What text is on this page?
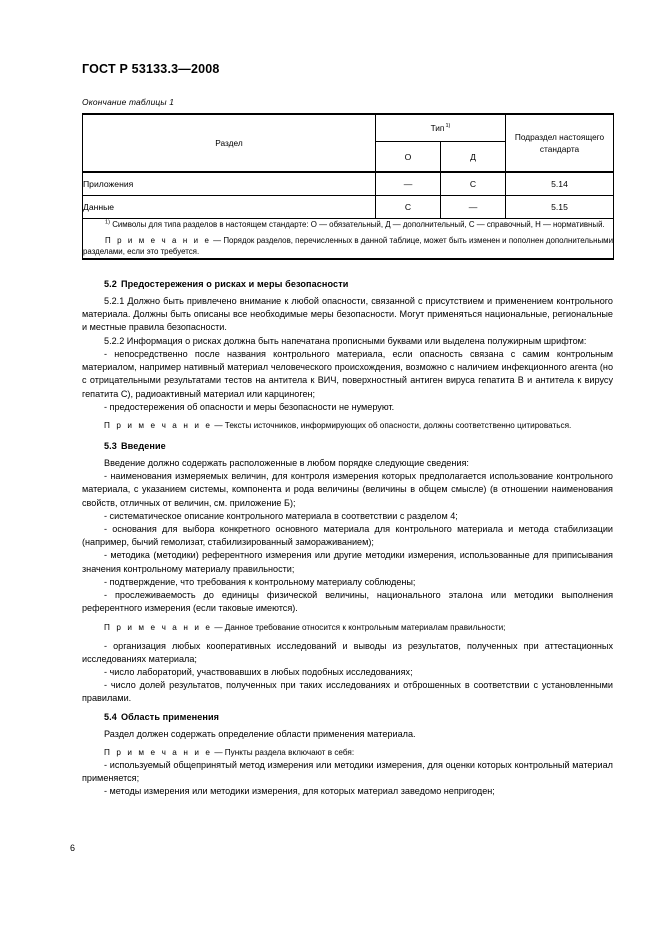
ГОСТ Р 53133.3—2008
Окончание таблицы 1
Раздел	Тип$^{1)}$		Подраздел настоящего стандарта
	О	Д	
Приложения	—	С	5.14
Данные	С	—	5.15

$^{1)}$ Символы для типа разделов в настоящем стандарте: О — обязательный, Д — дополнительный, С — справочный, Н — нормативный.
П р и м е ч а н и е — Порядок разделов, перечисленных в данной таблице, может быть изменен и пополнен дополнительными разделами, если это требуется.			
5.2 Предостережения о рисках и меры безопасности

5.2.1 Должно быть привлечено внимание к любой опасности, связанной с присутствием и применением контрольного материала. Должны быть описаны все необходимые меры безопасности. Могут применяться национальные, региональные и местные правила безопасности.

5.2.2 Информация о рисках должна быть напечатана прописными буквами или выделена полужирным шрифтом:

- непосредственно после названия контрольного материала, если опасность связана с самим контрольным материалом, например нативный материал человеческого происхождения, возможно с наличием инфекционного агента (но с отрицательными результатами тестов на антитела к ВИЧ, поверхностный антиген вируса гепатита В и антитела к вирусу гепатита С), радиоактивный материал или карциноген;

- предостережения об опасности и меры безопасности не нумеруют.

П р и м е ч а н и е — Тексты источников, информирующих об опасности, должны соответственно цитироваться.

5.3 Введение

Введение должно содержать расположенные в любом порядке следующие сведения:

- наименования измеряемых величин, для контроля измерения которых предполагается использование контрольного материала, с указанием системы, компонента и рода величины (величины в общем смысле) (в отношении наименования свойств, отличных от величин, см. приложение Б);

- систематическое описание контрольного материала в соответствии с разделом 4;

- основания для выбора конкретного основного материала для контрольного материала и метода стабилизации (например, бычий гемолизат, стабилизированный замораживанием);

- методика (методики) референтного измерения или другие методики измерения, использованные для приписывания значения контрольному материалу правильности;

- подтверждение, что требования к контрольному материалу соблюдены;

- прослеживаемость до единицы физической величины, национального эталона или методики выполнения референтного измерения (если таковые имеются).

П р и м е ч а н и е — Данное требование относится к контрольным материалам правильности;

- организация любых кооперативных исследований и выводы из результатов, полученных при аттестационных исследованиях материала;

- число лабораторий, участвовавших в любых подобных исследованиях;

- число долей результатов, полученных при таких исследованиях и отброшенных в соответствии с установленными правилами.

5.4 Область применения

Раздел должен содержать определение области применения материала.

П р и м е ч а н и е — Пункты раздела включают в себя:

- используемый общепринятый метод измерения или методики измерения, для оценки которых контрольный материал применяется;

- методы измерения или методики измерения, для которых материал заведомо непригоден;

6
